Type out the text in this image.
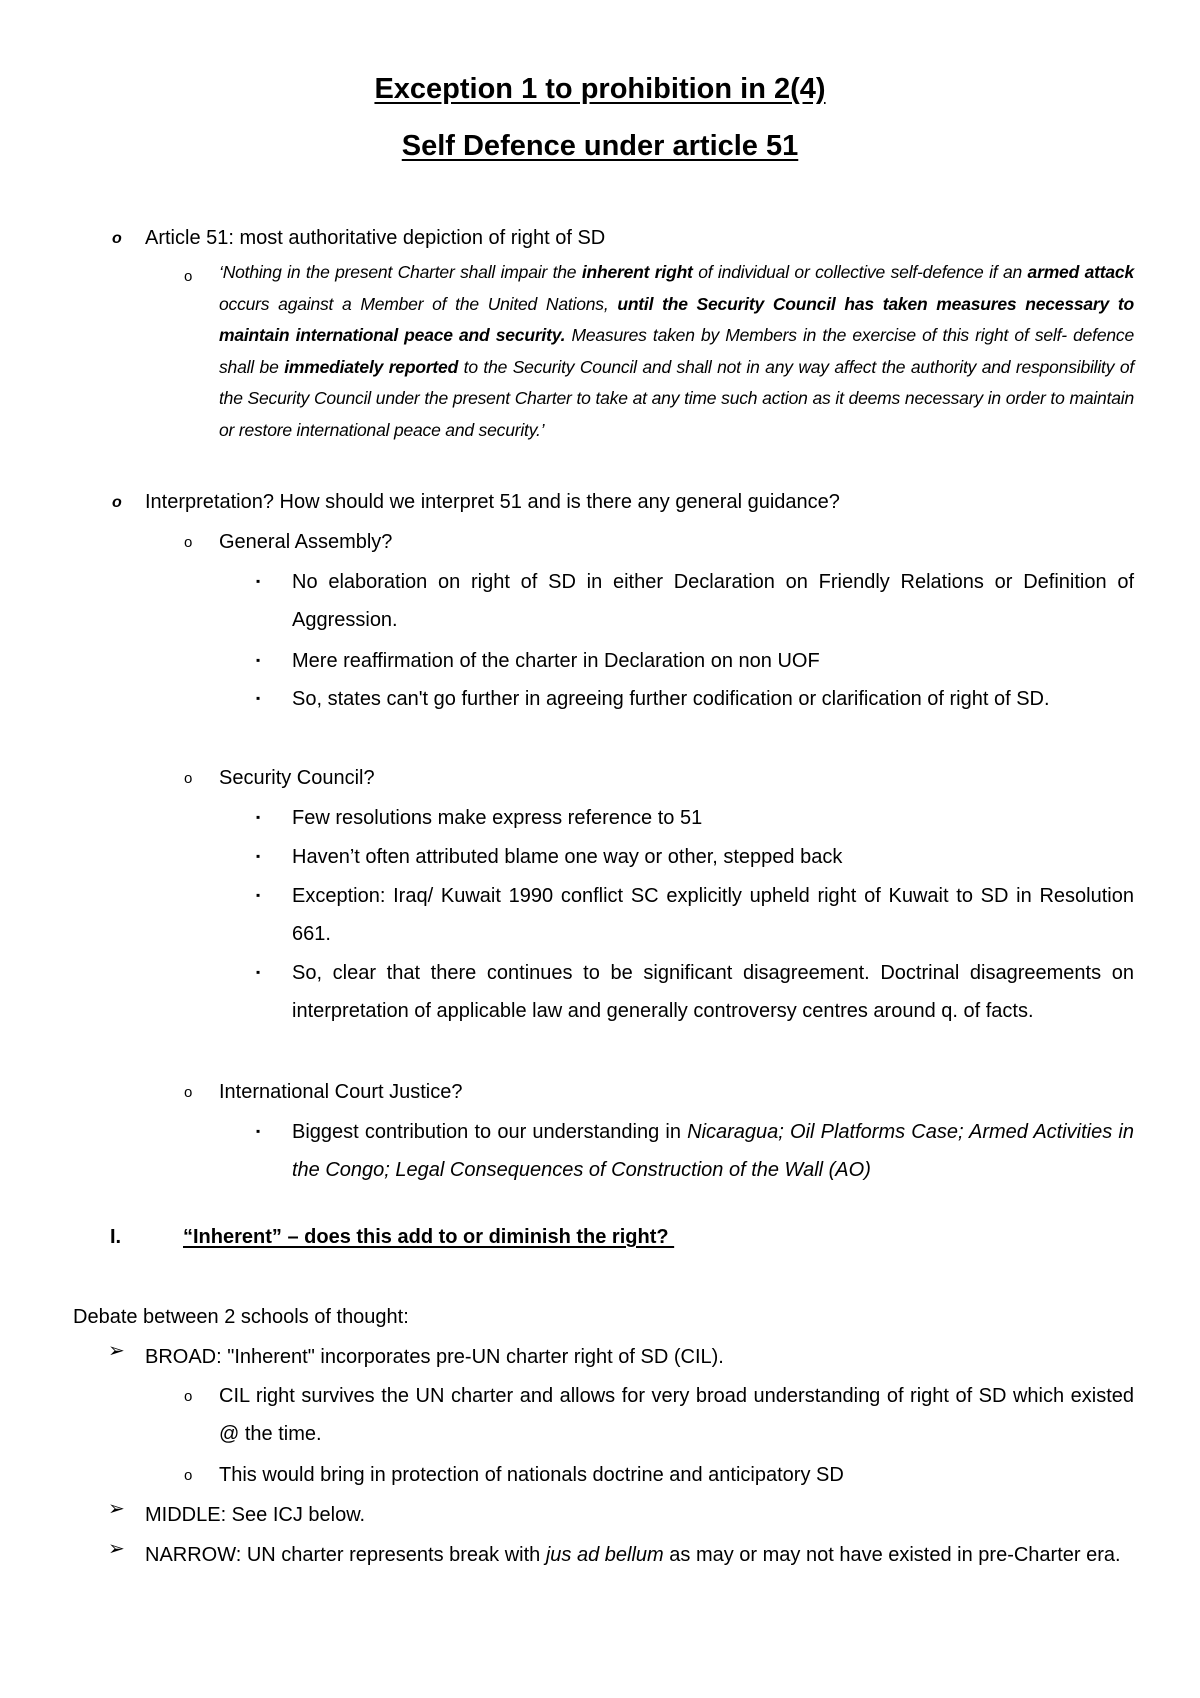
Exception 1 to prohibition in 2(4)
Self Defence under article 51
o Article 51: most authoritative depiction of right of SD
o ‘Nothing in the present Charter shall impair the inherent right of individual or collective self-defence if an armed attack occurs against a Member of the United Nations, until the Security Council has taken measures necessary to maintain international peace and security. Measures taken by Members in the exercise of this right of self- defence shall be immediately reported to the Security Council and shall not in any way affect the authority and responsibility of the Security Council under the present Charter to take at any time such action as it deems necessary in order to maintain or restore international peace and security.’
o Interpretation? How should we interpret 51 and is there any general guidance?
o General Assembly?
▪ No elaboration on right of SD in either Declaration on Friendly Relations or Definition of Aggression.
▪ Mere reaffirmation of the charter in Declaration on non UOF
▪ So, states can't go further in agreeing further codification or clarification of right of SD.
o Security Council?
▪ Few resolutions make express reference to 51
▪ Haven’t often attributed blame one way or other, stepped back
▪ Exception: Iraq/ Kuwait 1990 conflict SC explicitly upheld right of Kuwait to SD in Resolution 661.
▪ So, clear that there continues to be significant disagreement. Doctrinal disagreements on interpretation of applicable law and generally controversy centres around q. of facts.
o International Court Justice?
▪ Biggest contribution to our understanding in Nicaragua; Oil Platforms Case; Armed Activities in the Congo; Legal Consequences of Construction of the Wall (AO)
I.	“Inherent” – does this add to or diminish the right?
Debate between 2 schools of thought:
➢ BROAD: "Inherent" incorporates pre-UN charter right of SD (CIL).
o CIL right survives the UN charter and allows for very broad understanding of right of SD which existed @ the time.
o This would bring in protection of nationals doctrine and anticipatory SD
➢ MIDDLE: See ICJ below.
➢ NARROW: UN charter represents break with jus ad bellum as may or may not have existed in pre-Charter era.
